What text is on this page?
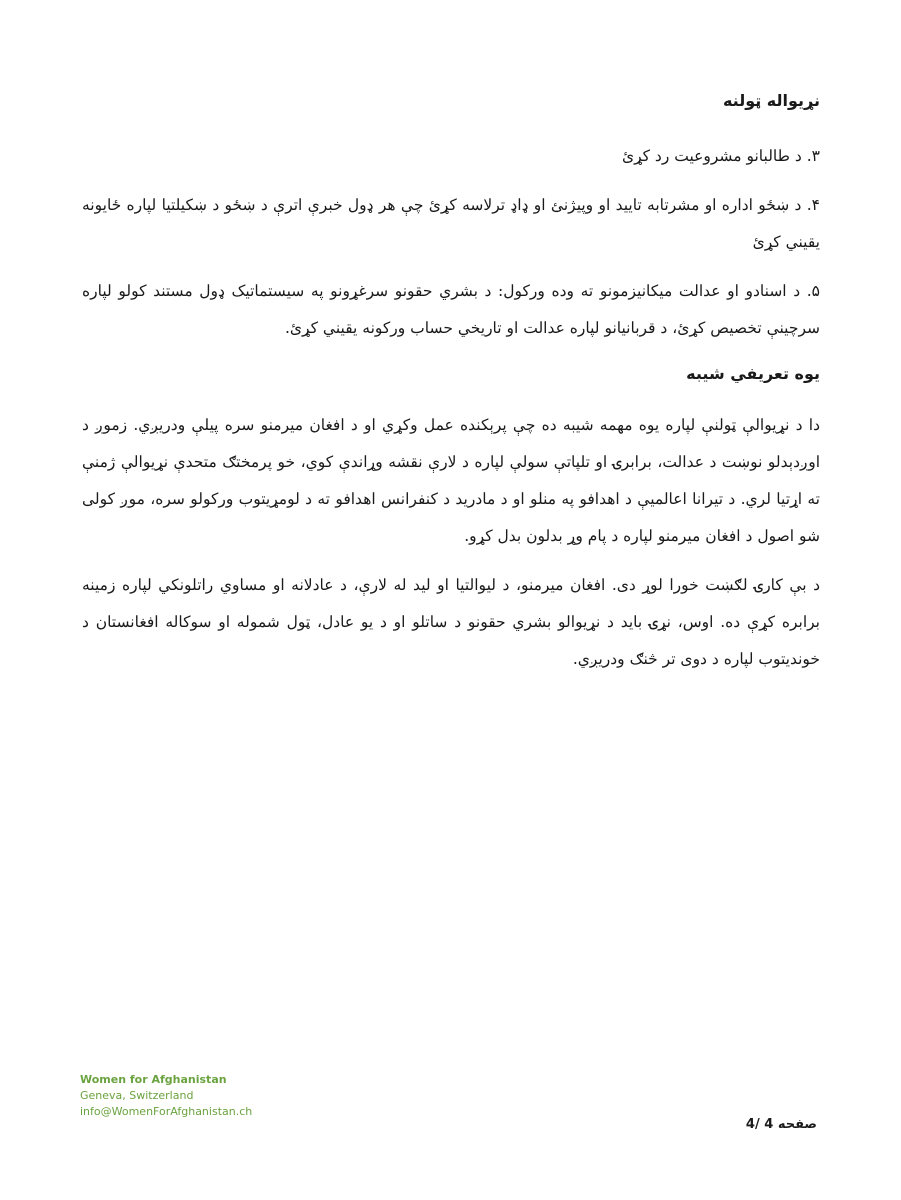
نړیواله ټولنه

۳. د طالبانو مشروعیت رد کړئ

۴. د ښځو اداره او مشرتابه تایید او وپیژنئ او ډاډ ترلاسه کړئ چې هر ډول خبرې اترې د ښځو د ښکیلتیا لپاره ځایونه یقیني کړئ

۵. د اسنادو او عدالت میکانیزمونو ته وده ورکول: د بشري حقونو سرغړونو په سیستماتیک ډول مستند کولو لپاره سرچینې تخصیص کړئ، د قربانیانو لپاره عدالت او تاریخي حساب ورکونه یقیني کړئ.

یوه تعریفي شیبه

دا د نړیوالې ټولنې لپاره یوه مهمه شیبه ده چې پرېکنده عمل وکړي او د افغان میرمنو سره پیلې ودریږي. زموږ د اوږدېدلو نوښت د عدالت، برابرۍ او تلپاتې سولې لپاره د لارې نقشه وړاندې کوي، خو پرمختګ متحدې نړیوالې ژمنې ته اړتیا لري. د تیرانا اعالمیې د اهدافو په منلو او د مادرید د کنفرانس اهدافو ته د لومړیتوب ورکولو سره، موږ کولی شو اصول د افغان میرمنو لپاره د پام وړ بدلون بدل کړو.

د بې کارۍ لګښت خورا لوړ دی. افغان میرمنو، د لیوالتیا او لید له لارې، د عادلانه او مساوي راتلونکي لپاره زمینه برابره کړې ده. اوس، نړۍ باید د نړیوالو بشري حقونو د ساتلو او د یو عادل، ټول شموله او سوکاله افغانستان د خوندیتوب لپاره د دوی تر څنګ ودریږي.

Women for Afghanistan
Geneva, Switzerland
info@WomenForAfghanistan.ch
صفحه 4 /4
